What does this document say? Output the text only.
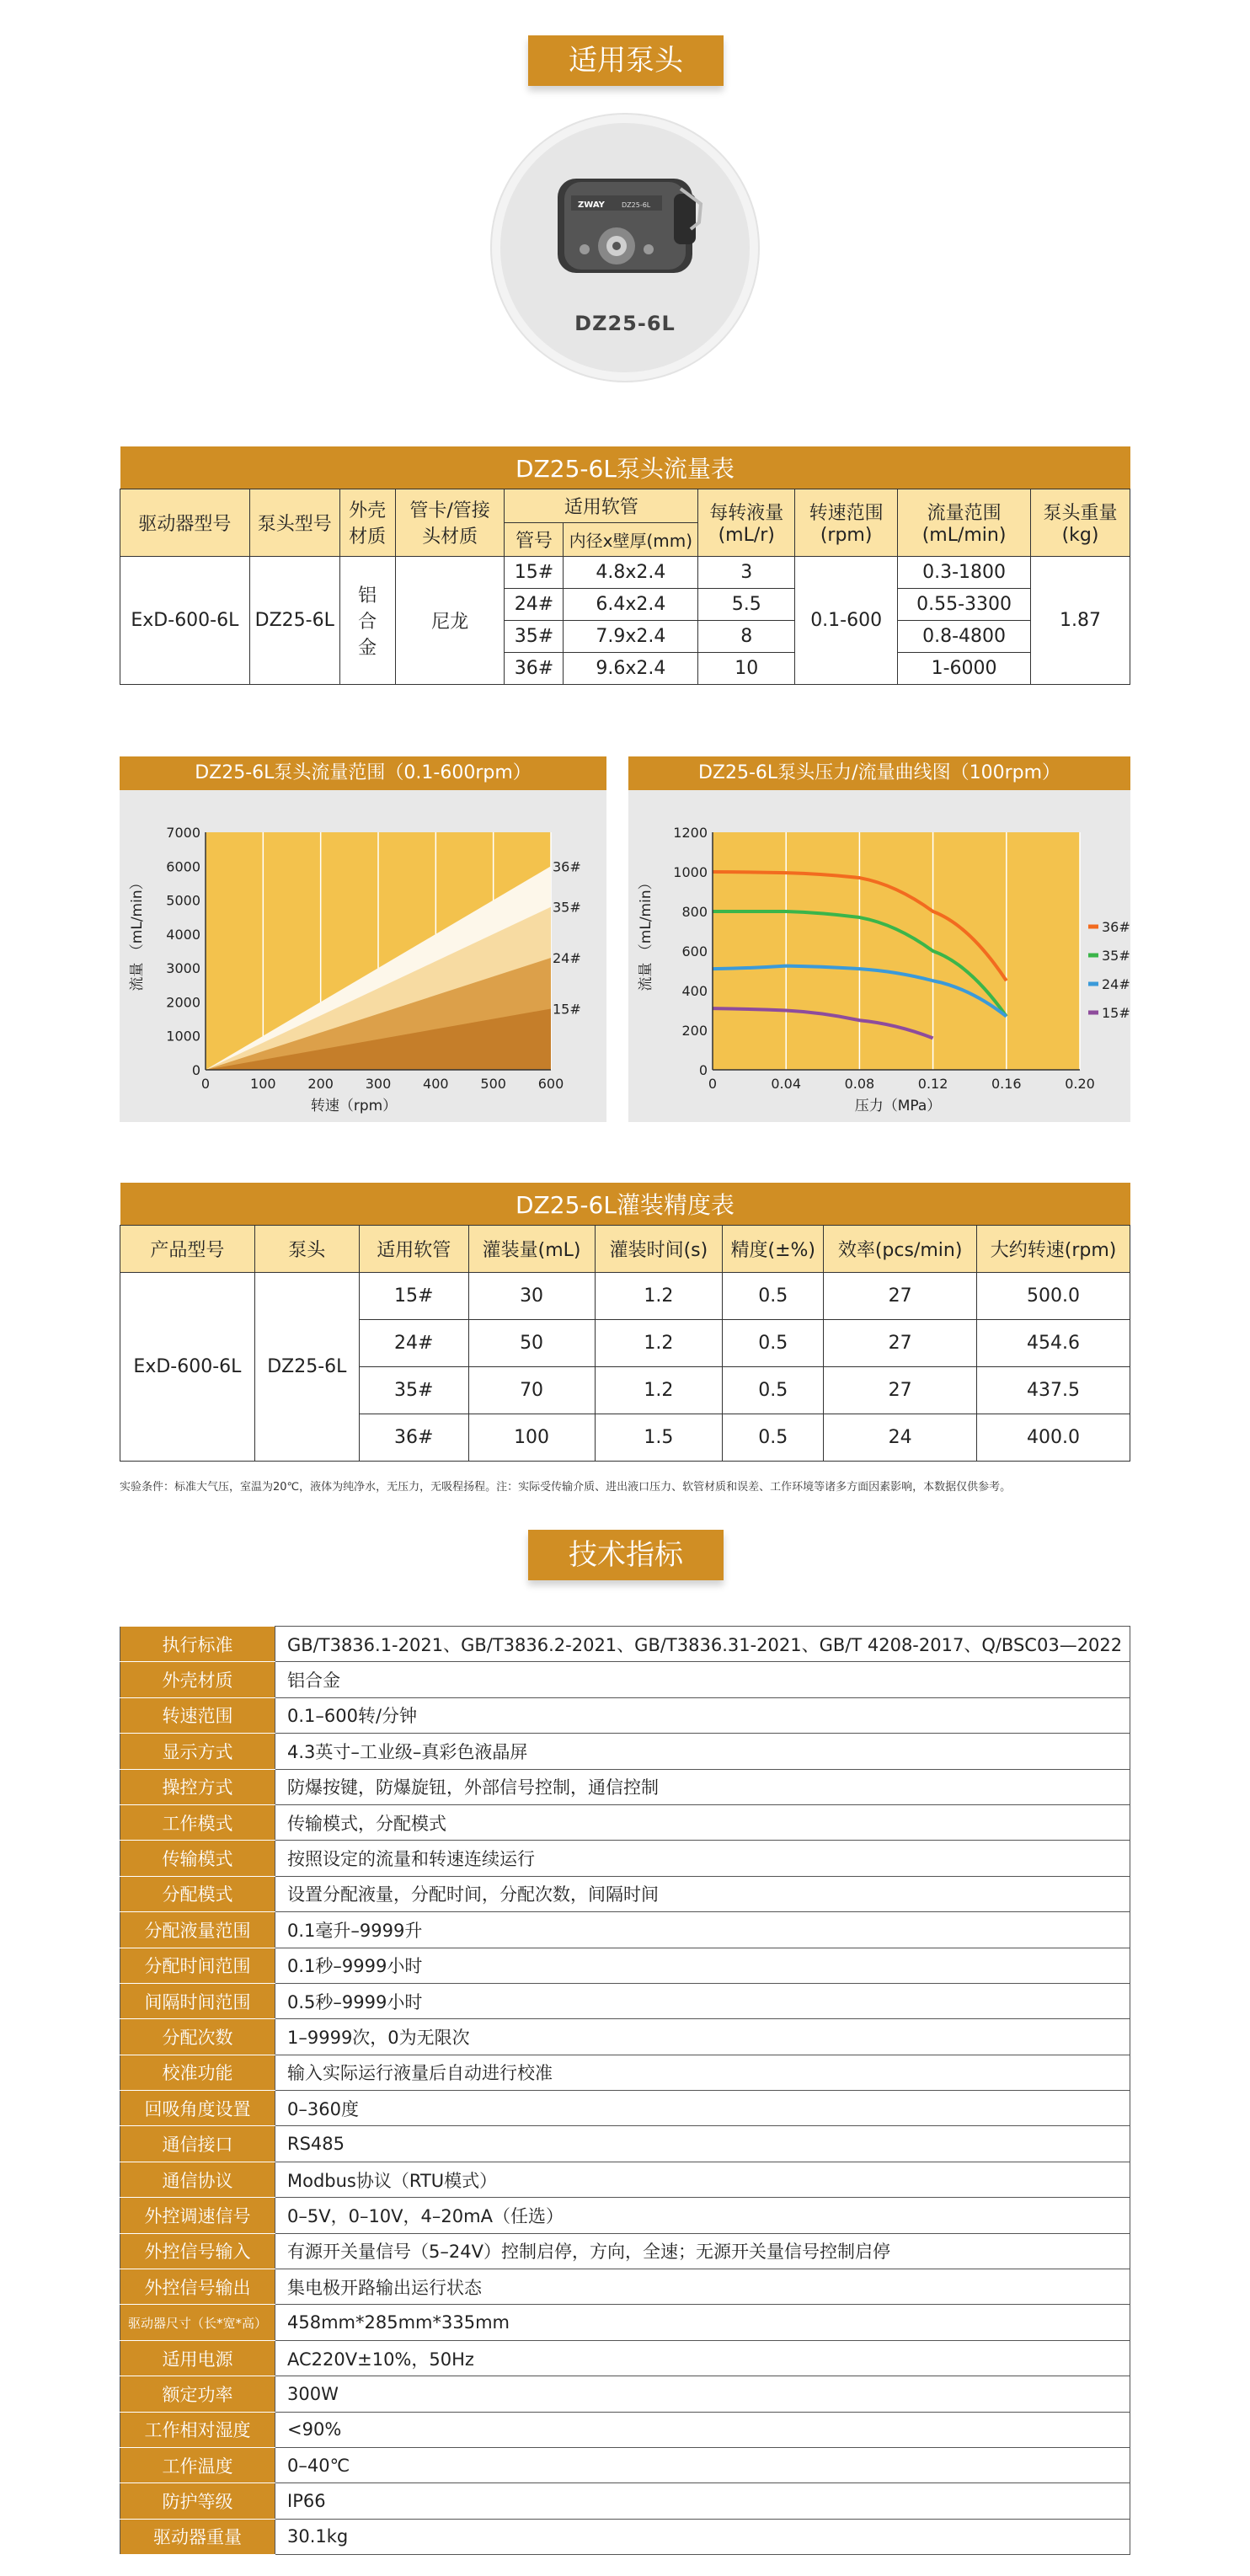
适用泵头
ZWAY	DZ25-6L
DZ25-6L
DZ25-6L泵头流量表									
驱动器型号	泵头型号	外壳材质	管卡/管接头材质	适用软管		每转液量(mL/r)	转速范围(rpm)	流量范围(mL/min)	泵头重量(kg)
				管号	内径x壁厚(mm)				
ExD-600-6L	DZ25-6L	铝合金	尼龙	15#	4.8x2.4	3	0.1-600	0.3-1800	1.87
				24#	6.4x2.4	5.5		0.55-3300	
				35#	7.9x2.4	8		0.8-4800	
				36#	9.6x2.4	10		1-6000	
DZ25-6L泵头流量范围（0.1-600rpm）
转速（rpm）
流量 （mL/min）
36#
35#
24#
15#
0
1000
2000
3000
4000
5000
6000
7000
0	100 200 300 400 500 600
DZ25-6L泵头压力/流量曲线图（100rpm）
压力（MPa）
流量 （mL/min）	36#
35#
24#
15#
0
200
400
600
800
1000
1200
0	0.04	0.08	0.12	0.16	0.20
DZ25-6L灌装精度表							
产品型号	泵头	适用软管	灌装量(mL)	灌装时间(s)	精度(±%)	效率(pcs/min)	大约转速(rpm)
ExD-600-6L	DZ25-6L	15#	30	1.2	0.5	27	500.0
		24#	50	1.2	0.5	27	454.6
		35#	70	1.2	0.5	27	437.5
		36#	100	1.5	0.5	24	400.0
实验条件：标准大气压，室温为20℃，液体为纯净水，无压力，无吸程扬程。注：实际受传输介质、进出液口压力、软管材质和误差、工作环境等诸多方面因素影响，本数据仅供参考。
技术指标
执行标准	GB/T3836.1-2021、GB/T3836.2-2021、GB/T3836.31-2021、GB/T 4208-2017、Q/BSC03—2022
外壳材质	铝合金
转速范围	0.1–600转/分钟
显示方式	4.3英寸–工业级–真彩色液晶屏
操控方式	防爆按键，防爆旋钮，外部信号控制，通信控制
工作模式	传输模式，分配模式
传输模式	按照设定的流量和转速连续运行
分配模式	设置分配液量，分配时间，分配次数，间隔时间
分配液量范围	0.1毫升–9999升
分配时间范围	0.1秒–9999小时
间隔时间范围	0.5秒–9999小时
分配次数	1–9999次，0为无限次
校准功能	输入实际运行液量后自动进行校准
回吸角度设置	0–360度
通信接口	RS485
通信协议	Modbus协议（RTU模式）
外控调速信号	0–5V，0–10V，4–20mA（任选）
外控信号输入	有源开关量信号（5–24V）控制启停，方向，全速；无源开关量信号控制启停
外控信号输出	集电极开路输出运行状态
驱动器尺寸（长*宽*高）	458mm*285mm*335mm
适用电源	AC220V±10%，50Hz
额定功率	300W
工作相对湿度	<90%
工作温度	0–40℃
防护等级	IP66
驱动器重量	30.1kg
